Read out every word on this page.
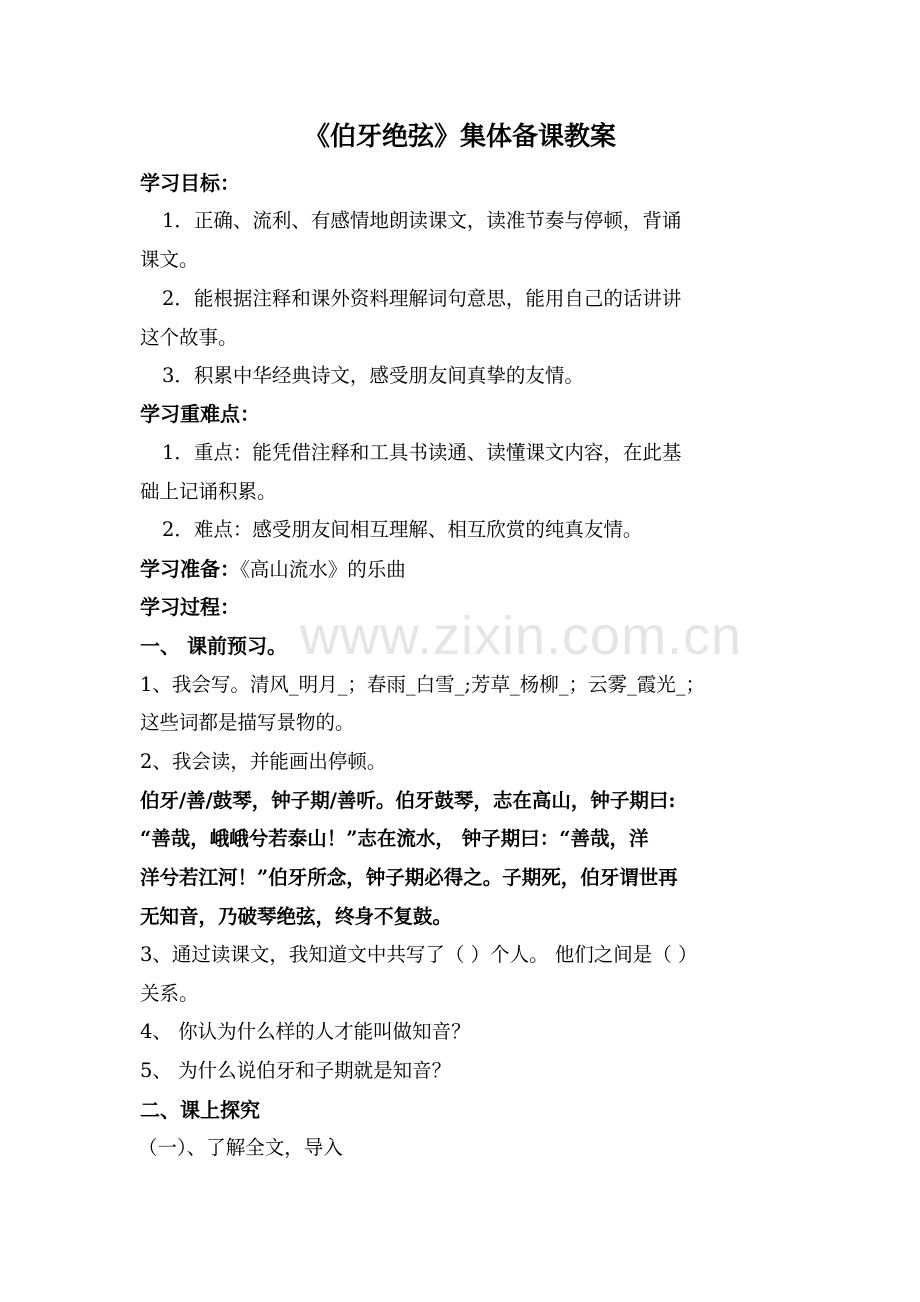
《伯牙绝弦》集体备课教案
www.zixin.com.cn
学习目标：
1．正确、流利、有感情地朗读课文，读准节奏与停顿，背诵
课文。
2．能根据注释和课外资料理解词句意思，能用自己的话讲讲
这个故事。
3．积累中华经典诗文，感受朋友间真挚的友情。
学习重难点：
1．重点：能凭借注释和工具书读通、读懂课文内容，在此基
础上记诵积累。
2．难点：感受朋友间相互理解、相互欣赏的纯真友情。
学习准备：《高山流水》的乐曲
学习过程：
一、 课前预习。
1、我会写。清风_明月_；春雨_白雪_;芳草_杨柳_；云雾_霞光_；
这些词都是描写景物的。
2、我会读，并能画出停顿。
伯牙/善/鼓琴，钟子期/善听。伯牙鼓琴，志在高山，钟子期曰:
“善哉，峨峨兮若泰山！”志在流水， 钟子期曰：“善哉，洋
洋兮若江河！”伯牙所念，钟子期必得之。子期死，伯牙谓世再
无知音，乃破琴绝弦，终身不复鼓。
3、通过读课文，我知道文中共写了（ ）个人。 他们之间是（ ）
关系。
4、 你认为什么样的人才能叫做知音？
5、 为什么说伯牙和子期就是知音？
二、课上探究
（一）、了解全文，导入
